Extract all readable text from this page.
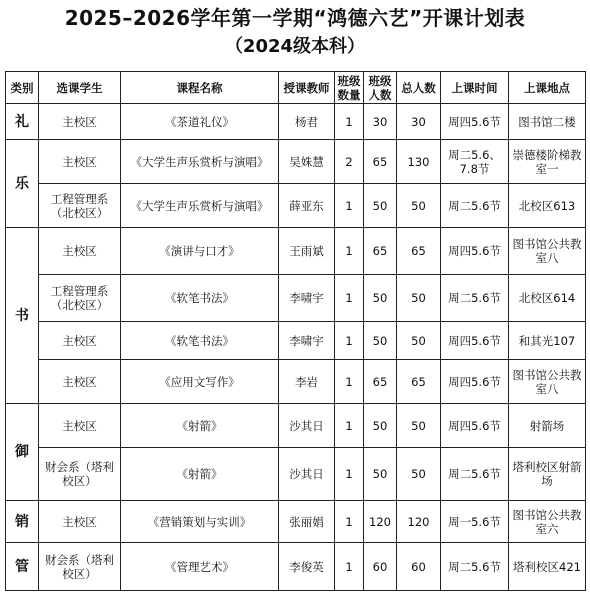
2025–2026学年第一学期“鸿德六艺”开课计划表
（2024级本科）
类别	选课学生	课程名称	授课教师	班级数量	班级人数	总人数	上课时间	上课地点
礼	主校区	《茶道礼仪》	杨君	1	30	30	周四5.6节	图书馆二楼
乐	主校区	《大学生声乐赏析与演唱》	吴姝慧	2	65	130	周二5.6、7.8节	崇德楼阶梯教室一
	工程管理系（北校区）	《大学生声乐赏析与演唱》	薛亚东	1	50	50	周二5.6节	北校区613
书	主校区	《演讲与口才》	王雨斌	1	65	65	周四5.6节	图书馆公共教室八
	工程管理系（北校区）	《软笔书法》	李啸宇	1	50	50	周二5.6节	北校区614
	主校区	《软笔书法》	李啸宇	1	50	50	周四5.6节	和其光107
	主校区	《应用文写作》	李岩	1	65	65	周四5.6节	图书馆公共教室八
御	主校区	《射箭》	沙其日	1	50	50	周四5.6节	射箭场
	财会系（塔利校区）	《射箭》	沙其日	1	50	50	周二5.6节	塔利校区射箭场
销	主校区	《营销策划与实训》	张丽娟	1	120	120	周一5.6节	图书馆公共教室六
管	财会系（塔利校区）	《管理艺术》	李俊英	1	60	60	周二5.6节	塔利校区421
